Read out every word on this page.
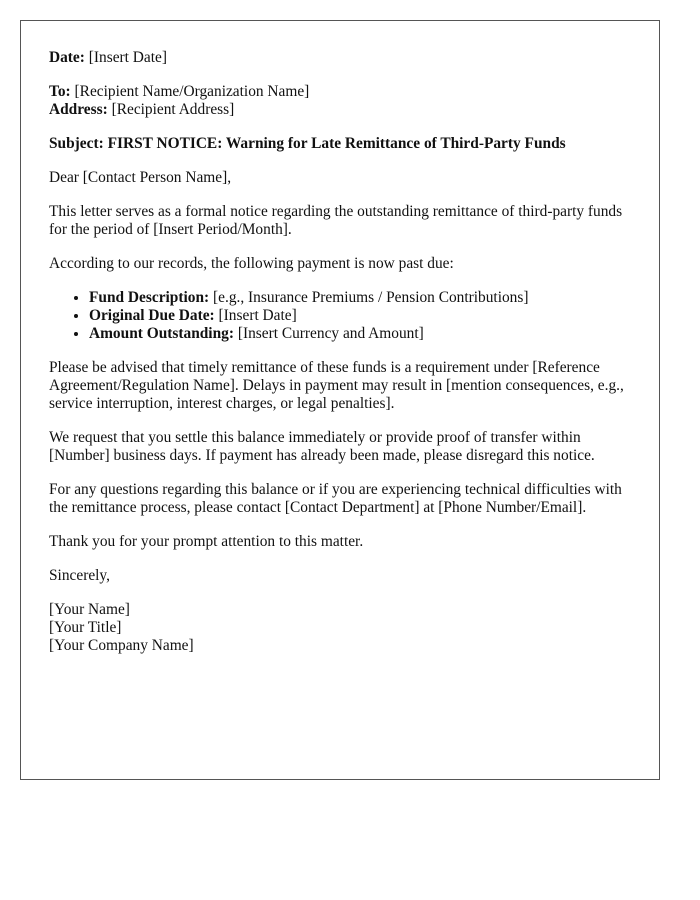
Date: [Insert Date]

To: [Recipient Name/Organization Name]
Address: [Recipient Address]

Subject: FIRST NOTICE: Warning for Late Remittance of Third-Party Funds

Dear [Contact Person Name],

This letter serves as a formal notice regarding the outstanding remittance of third-party funds for the period of [Insert Period/Month].

According to our records, the following payment is now past due:

• Fund Description: [e.g., Insurance Premiums / Pension Contributions]
• Original Due Date: [Insert Date]
• Amount Outstanding: [Insert Currency and Amount]

Please be advised that timely remittance of these funds is a requirement under [Reference Agreement/Regulation Name]. Delays in payment may result in [mention consequences, e.g., service interruption, interest charges, or legal penalties].

We request that you settle this balance immediately or provide proof of transfer within [Number] business days. If payment has already been made, please disregard this notice.

For any questions regarding this balance or if you are experiencing technical difficulties with the remittance process, please contact [Contact Department] at [Phone Number/Email].

Thank you for your prompt attention to this matter.

Sincerely,

[Your Name]
[Your Title]
[Your Company Name]
